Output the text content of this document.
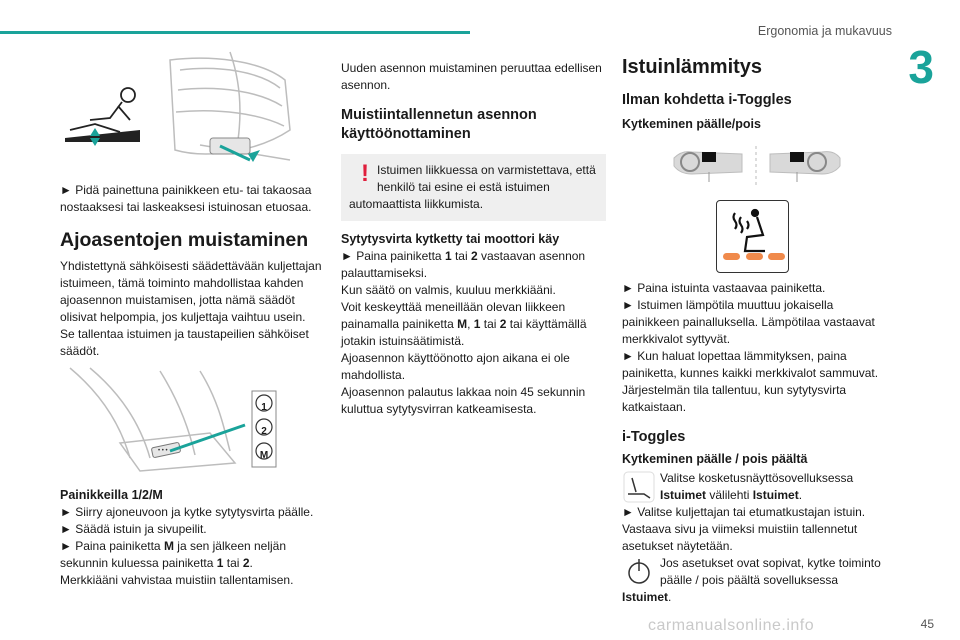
Ergonomia ja mukavuus
3

► Pidä painettuna painikkeen etu- tai takaosaa nostaaksesi tai laskeaksesi istuinosan etuosaa.

Ajoasentojen muistaminen

Yhdistettynä sähköisesti säädettävään kuljettajan istuimeen, tämä toiminto mahdollistaa kahden ajoasennon muistamisen, jotta nämä säädöt olisivat helpompia, jos kuljettaja vaihtuu usein.

Se tallentaa istuimen ja taustapeilien sähköiset säädöt.

• • •
1
2
M
Painikkeilla 1/2/M

► Siirry ajoneuvoon ja kytke sytytysvirta päälle.

► Säädä istuin ja sivupeilit.

► Paina painiketta M ja sen jälkeen neljän sekunnin kuluessa painiketta 1 tai 2.

Merkkiääni vahvistaa muistiin tallentamisen.

Uuden asennon muistaminen peruuttaa edellisen asennon.

Muistiintallennetun asennon käyttöönottaminen
! Istuimen liikkuessa on varmistettava, että henkilö tai esine ei estä istuimen
automaattista liikkumista.
Sytytysvirta kytketty tai moottori käy

► Paina painiketta 1 tai 2 vastaavan asennon palauttamiseksi.

Kun säätö on valmis, kuuluu merkkiääni.

Voit keskeyttää meneillään olevan liikkeen painamalla painiketta M, 1 tai 2 tai käyttämällä jotakin istuinsäätimistä.

Ajoasennon käyttöönotto ajon aikana ei ole mahdollista.

Ajoasennon palautus lakkaa noin 45 sekunnin kuluttua sytytysvirran katkeamisesta.

Istuinlämmitys
Ilman kohdetta i-Toggles
Kytkeminen päälle/pois

► Paina istuinta vastaavaa painiketta.

► Istuimen lämpötila muuttuu jokaisella painikkeen painalluksella. Lämpötilaa vastaavat merkkivalot syttyvät.

► Kun haluat lopettaa lämmityksen, paina painiketta, kunnes kaikki merkkivalot sammuvat.

Järjestelmän tila tallentuu, kun sytytysvirta katkaistaan.

i-Toggles
Kytkeminen päälle / pois päältä
Valitse kosketusnäyttösovelluksessa
Istuimet välilehti Istuimet.

► Valitse kuljettajan tai etumatkustajan istuin.

Vastaava sivu ja viimeksi muistiin tallennetut asetukset näytetään.

Jos asetukset ovat sopivat, kytke toiminto päälle / pois päältä sovelluksessa

Istuimet.

carmanualsonline.info	45
